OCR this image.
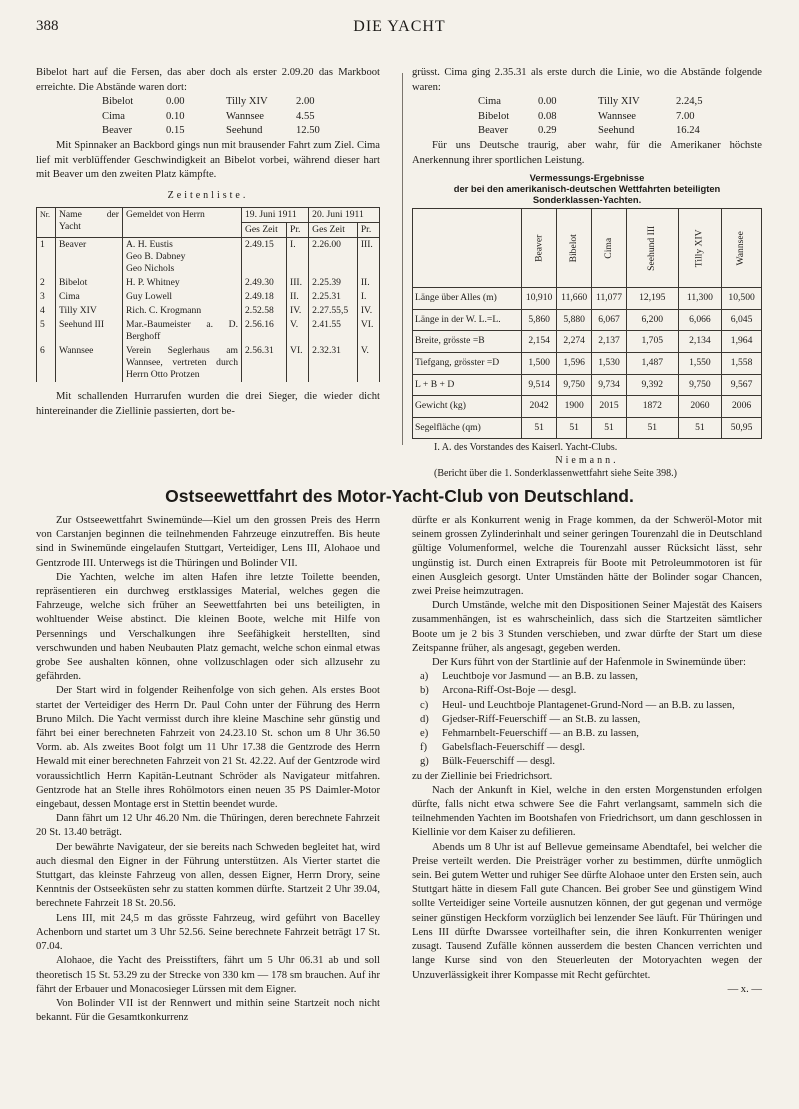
388	DIE YACHT

Bibelot hart auf die Fersen, das aber doch als erster 2.09.20 das Markboot erreichte. Die Abstände waren dort:

Bibelot	0.00	Tilly XIV	2.00
Cima	0.10	Wannsee	4.55
Beaver	0.15	Seehund	12.50

Mit Spinnaker an Backbord gings nun mit brausender Fahrt zum Ziel. Cima lief mit verblüffender Geschwindigkeit an Bibelot vorbei, während dieser hart mit Beaver um den zweiten Platz kämpfte.

Zeitenliste.
Nr.	Name der Yacht	Gemeldet von Herrn	19. Juni 1911		20. Juni 1911	
			Ges Zeit	Pr.	Ges Zeit	Pr.
1	Beaver	A. H. Eustis
Geo B. Dabney
Geo Nichols	2.49.15	I.	2.26.00	III.
2	Bibelot	H. P. Whitney	2.49.30	III.	2.25.39	II.
3	Cima	Guy Lowell	2.49.18	II.	2.25.31	I.
4	Tilly XIV	Rich. C. Krogmann	2.52.58	IV.	2.27.55,5	IV.
5	Seehund III	Mar.-Baumeister a. D. Berghoff	2.56.16	V.	2.41.55	VI.
6	Wannsee	Verein Seglerhaus am Wannsee, vertreten durch Herrn Otto Protzen	2.56.31	VI.	2.32.31	V.

Mit schallenden Hurrarufen wurden die drei Sieger, die wieder dicht hintereinander die Ziellinie passierten, dort be-

grüsst. Cima ging 2.35.31 als erste durch die Linie, wo die Abstände folgende waren:

Cima	0.00	Tilly XIV	2.24,5
Bibelot	0.08	Wannsee	7.00
Beaver	0.29	Seehund	16.24

Für uns Deutsche traurig, aber wahr, für die Amerikaner höchste Anerkennung ihrer sportlichen Leistung.

Vermessungs-Ergebnisse
der bei den amerikanisch-deutschen Wettfahrten beteiligten
Sonderklassen-Yachten.
	Beaver	Bibelot	Cima	Seehund III	Tilly XIV	Wannsee
Länge über Alles (m)	10,910	11,660	11,077	12,195	11,300	10,500
Länge in der W. L.=L.	5,860	5,880	6,067	6,200	6,066	6,045
Breite, grösste =B	2,154	2,274	2,137	1,705	2,134	1,964
Tiefgang, grösster =D	1,500	1,596	1,530	1,487	1,550	1,558
L + B + D	9,514	9,750	9,734	9,392	9,750	9,567
Gewicht (kg)	2042	1900	2015	1872	2060	2006
Segelfläche (qm)	51	51	51	51	51	50,95
I. A. des Vorstandes des Kaiserl. Yacht-Clubs.
Niemann.
(Bericht über die 1. Sonderklassenwettfahrt siehe Seite 398.)
Ostseewettfahrt des Motor-Yacht-Club von Deutschland.

Zur Ostseewettfahrt Swinemünde—Kiel um den grossen Preis des Herrn von Carstanjen beginnen die teilnehmenden Fahrzeuge einzutreffen. Bis heute sind in Swinemünde eingelaufen Stuttgart, Verteidiger, Lens III, Alohaoe und Gentzrode III. Unterwegs ist die Thüringen und Bolinder VII.

Die Yachten, welche im alten Hafen ihre letzte Toilette beenden, repräsentieren ein durchweg erstklassiges Material, welches gegen die Fahrzeuge, welche sich früher an Seewettfahrten bei uns beteiligten, in wohltuender Weise abstinct. Die kleinen Boote, welche mit Hilfe von Persennings und Verschalkungen ihre Seefähigkeit herstellten, sind verschwunden und haben Neubauten Platz gemacht, welche schon einmal etwas grobe See aushalten können, ohne vollzuschlagen oder sich allzusehr zu gefährden.

Der Start wird in folgender Reihenfolge von sich gehen. Als erstes Boot startet der Verteidiger des Herrn Dr. Paul Cohn unter der Führung des Herrn Bruno Milch. Die Yacht vermisst durch ihre kleine Maschine sehr günstig und fährt bei einer berechneten Fahrzeit von 24.23.10 St. schon um 8 Uhr 36.50 Vorm. ab. Als zweites Boot folgt um 11 Uhr 17.38 die Gentzrode des Herrn Hewald mit einer berechneten Fahrzeit von 21 St. 42.22. Auf der Gentzrode wird voraussichtlich Herrn Kapitän-Leutnant Schröder als Navigateur mitfahren. Gentzrode hat an Stelle ihres Rohölmotors einen neuen 35 PS Daimler-Motor eingebaut, dessen Montage erst in Stettin beendet wurde.

Dann fährt um 12 Uhr 46.20 Nm. die Thüringen, deren berechnete Fahrzeit 20 St. 13.40 beträgt.

Der bewährte Navigateur, der sie bereits nach Schweden begleitet hat, wird auch diesmal den Eigner in der Führung unterstützen. Als Vierter startet die Stuttgart, das kleinste Fahrzeug von allen, dessen Eigner, Herrn Drory, seine Kenntnis der Ostseeküsten sehr zu statten kommen dürfte. Startzeit 2 Uhr 39.04, berechnete Fahrzeit 18 St. 20.56.

Lens III, mit 24,5 m das grösste Fahrzeug, wird geführt von Bacelley Achenborn und startet um 3 Uhr 52.56. Seine berechnete Fahrzeit beträgt 17 St. 07.04.

Alohaoe, die Yacht des Preisstifters, fährt um 5 Uhr 06.31 ab und soll theoretisch 15 St. 53.29 zu der Strecke von 330 km — 178 sm brauchen. Auf ihr fährt der Erbauer und Monacosieger Lürssen mit dem Eigner.

Von Bolinder VII ist der Rennwert und mithin seine Startzeit noch nicht bekannt. Für die Gesamtkonkurrenz

dürfte er als Konkurrent wenig in Frage kommen, da der Schweröl-Motor mit seinem grossen Zylinderinhalt und seiner geringen Tourenzahl die in Deutschland gültige Volumenformel, welche die Tourenzahl ausser Rücksicht lässt, sehr ungünstig ist. Durch einen Extrapreis für Boote mit Petroleummotoren ist für einen Ausgleich gesorgt. Unter Umständen hätte der Bolinder sogar Chancen, zwei Preise heimzutragen.

Durch Umstände, welche mit den Dispositionen Seiner Majestät des Kaisers zusammenhängen, ist es wahrscheinlich, dass sich die Startzeiten sämtlicher Boote um je 2 bis 3 Stunden verschieben, und zwar dürfte der Start um diese Zeitspanne früher, als angesagt, gegeben werden.

Der Kurs führt von der Startlinie auf der Hafenmole in Swinemünde über:

a)	Leuchtboje vor Jasmund — an B.B. zu lassen,
b)	Arcona-Riff-Ost-Boje — desgl.
c)	Heul- und Leuchtboje Plantagenet-Grund-Nord — an B.B. zu lassen,
d)	Gjedser-Riff-Feuerschiff — an St.B. zu lassen,
e)	Fehmarnbelt-Feuerschiff — an B.B. zu lassen,
f)	Gabelsflach-Feuerschiff — desgl.
g)	Bülk-Feuerschiff — desgl.

zu der Ziellinie bei Friedrichsort.

Nach der Ankunft in Kiel, welche in den ersten Morgenstunden erfolgen dürfte, falls nicht etwa schwere See die Fahrt verlangsamt, sammeln sich die teilnehmenden Yachten im Bootshafen von Friedrichsort, um dann geschlossen in Kiellinie vor dem Kaiser zu defilieren.

Abends um 8 Uhr ist auf Bellevue gemeinsame Abendtafel, bei welcher die Preise verteilt werden. Die Preisträger vorher zu bestimmen, dürfte unmöglich sein. Bei gutem Wetter und ruhiger See dürfte Alohaoe unter den Ersten sein, auch Stuttgart hätte in diesem Fall gute Chancen. Bei grober See und günstigem Wind sollte Verteidiger seine Vorteile ausnutzen können, der gut gegenan und vermöge seiner günstigen Heckform vorzüglich bei lenzender See läuft. Für Thüringen und Lens III dürfte Dwarssee vorteilhafter sein, die ihren Konkurrenten weniger zusagt. Tausend Zufälle können ausserdem die besten Chancen verrichten und lange Kurse sind von den Steuerleuten der Motoryachten wegen der Unzuverlässigkeit ihrer Kompasse mit Recht gefürchtet.

— x. —
